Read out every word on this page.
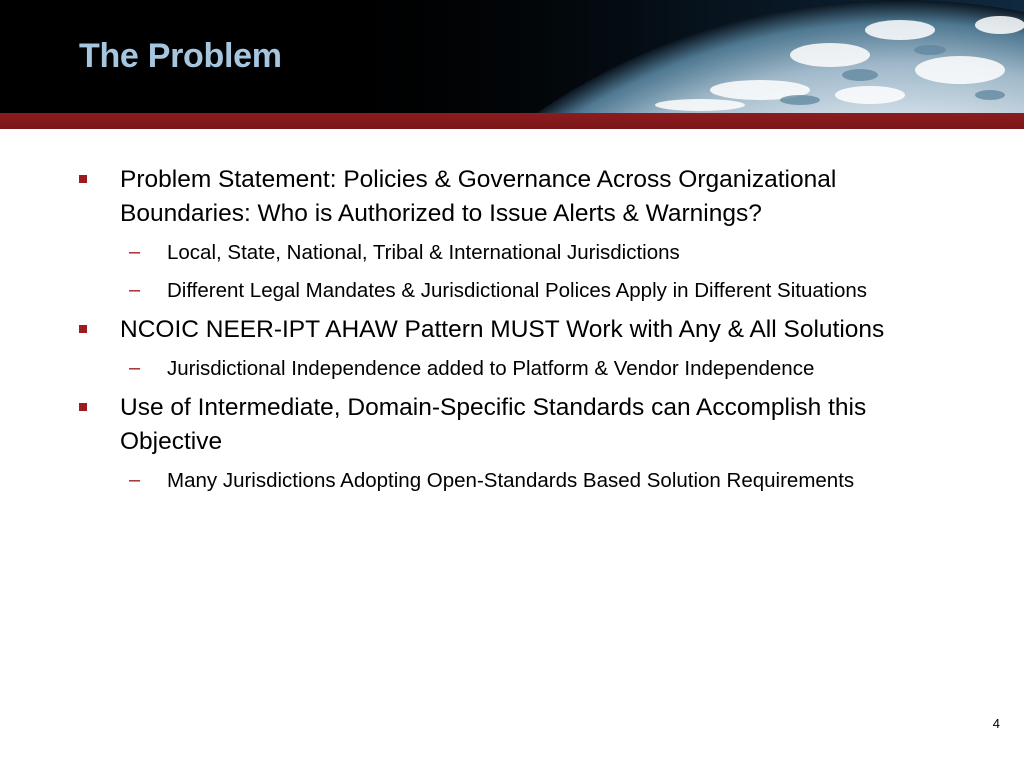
The Problem
Problem Statement: Policies & Governance Across Organizational Boundaries: Who is Authorized to Issue Alerts & Warnings?
– Local, State, National, Tribal & International Jurisdictions
– Different Legal Mandates & Jurisdictional Polices Apply in Different Situations
NCOIC NEER-IPT AHAW Pattern MUST Work with Any & All Solutions
– Jurisdictional Independence added to Platform & Vendor Independence
Use of Intermediate, Domain-Specific Standards can Accomplish this Objective
– Many Jurisdictions Adopting Open-Standards Based Solution Requirements
4
